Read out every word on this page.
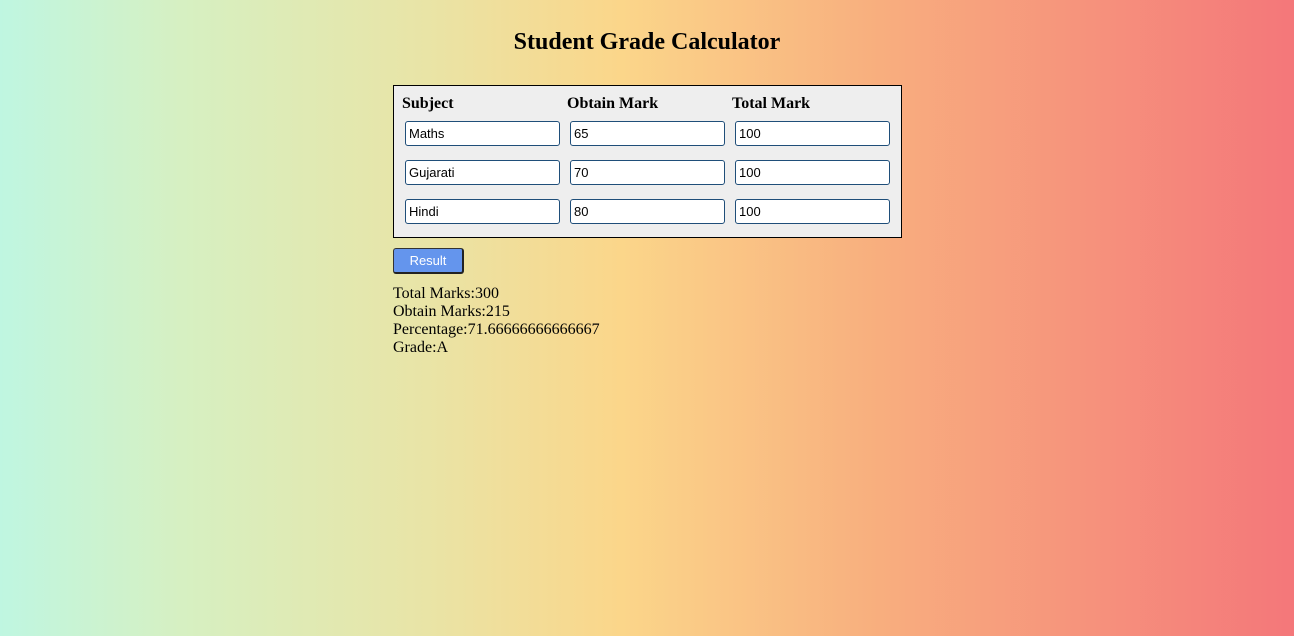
Student Grade Calculator
Subject	Obtain Mark	Total Mark
Maths
65
100
Gujarati
70
100
Hindi
80
100
Result
Total Marks:300
Obtain Marks:215
Percentage:71.66666666666667
Grade:A
